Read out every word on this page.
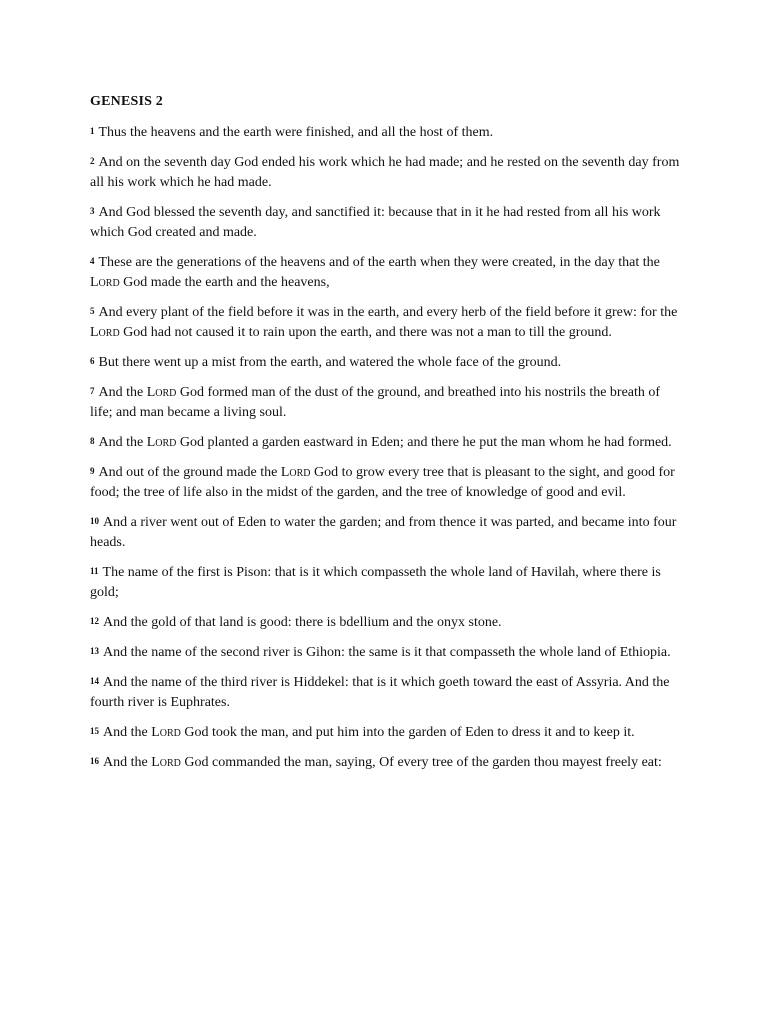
GENESIS 2

$^1$ Thus the heavens and the earth were finished, and all the host of them.

$^2$ And on the seventh day God ended his work which he had made; and he rested on the seventh day from all his work which he had made.

$^3$ And God blessed the seventh day, and sanctified it: because that in it he had rested from all his work which God created and made.

$^4$ These are the generations of the heavens and of the earth when they were created, in the day that the Lord God made the earth and the heavens,

$^5$ And every plant of the field before it was in the earth, and every herb of the field before it grew: for the Lord God had not caused it to rain upon the earth, and there was not a man to till the ground.

$^6$ But there went up a mist from the earth, and watered the whole face of the ground.

$^7$ And the Lord God formed man of the dust of the ground, and breathed into his nostrils the breath of life; and man became a living soul.

$^8$ And the Lord God planted a garden eastward in Eden; and there he put the man whom he had formed.

$^9$ And out of the ground made the Lord God to grow every tree that is pleasant to the sight, and good for food; the tree of life also in the midst of the garden, and the tree of knowledge of good and evil.

$^{10}$ And a river went out of Eden to water the garden; and from thence it was parted, and became into four heads.

$^{11}$ The name of the first is Pison: that is it which compasseth the whole land of Havilah, where there is gold;

$^{12}$ And the gold of that land is good: there is bdellium and the onyx stone.

$^{13}$ And the name of the second river is Gihon: the same is it that compasseth the whole land of Ethiopia.

$^{14}$ And the name of the third river is Hiddekel: that is it which goeth toward the east of Assyria. And the fourth river is Euphrates.

$^{15}$ And the Lord God took the man, and put him into the garden of Eden to dress it and to keep it.

$^{16}$ And the Lord God commanded the man, saying, Of every tree of the garden thou mayest freely eat:
